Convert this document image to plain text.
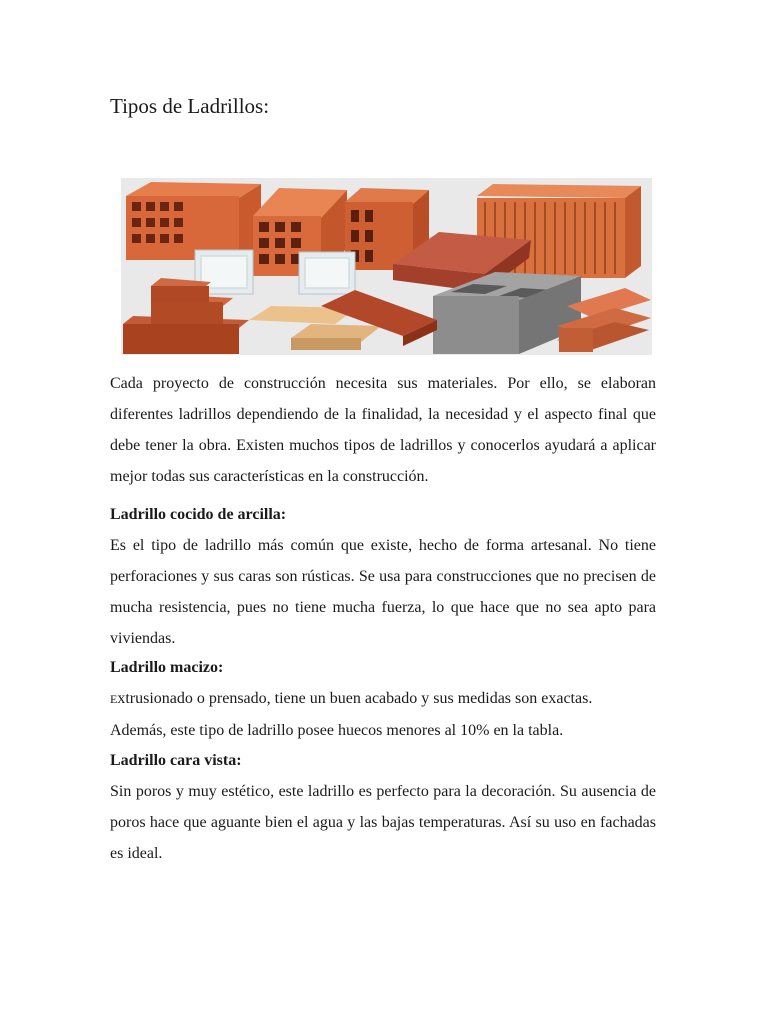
Tipos de Ladrillos:

Cada proyecto de construcción necesita sus materiales. Por ello, se elaboran diferentes ladrillos dependiendo de la finalidad, la necesidad y el aspecto final que debe tener la obra. Existen muchos tipos de ladrillos y conocerlos ayudará a aplicar mejor todas sus características en la construcción.

Ladrillo cocido de arcilla:

Es el tipo de ladrillo más común que existe, hecho de forma artesanal. No tiene perforaciones y sus caras son rústicas. Se usa para construcciones que no precisen de mucha resistencia, pues no tiene mucha fuerza, lo que hace que no sea apto para viviendas.

Ladrillo macizo:

Extrusionado o prensado, tiene un buen acabado y sus medidas son exactas.

Además, este tipo de ladrillo posee huecos menores al 10% en la tabla.

Ladrillo cara vista:

Sin poros y muy estético, este ladrillo es perfecto para la decoración. Su ausencia de poros hace que aguante bien el agua y las bajas temperaturas. Así su uso en fachadas es ideal.
